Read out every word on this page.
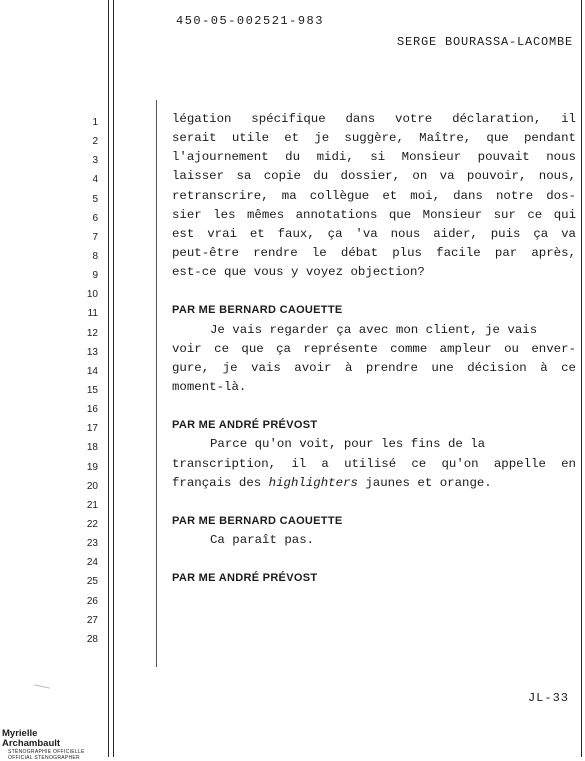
450-05-002521-983
SERGE BOURASSA-LACOMBE
1
2
3
4
5
6
7
8
9
10
11
12
13
14
15
16
17
18
19
20
21
22
23
24
25
26
27
28
légation spécifique dans votre déclaration, il
serait utile et je suggère, Maître, que pendant
l'ajournement du midi, si Monsieur pouvait nous
laisser sa copie du dossier, on va pouvoir, nous,
retranscrire, ma collègue et moi, dans notre dos-
sier les mêmes annotations que Monsieur sur ce qui
est vrai et faux, ça 'va nous aider, puis ça va
peut-être rendre le débat plus facile par après,
est-ce que vous y voyez objection?
PAR ME BERNARD CAOUETTE
Je vais regarder ça avec mon client, je vais
voir ce que ça représente comme ampleur ou enver-
gure, je vais avoir à prendre une décision à ce
moment-là.
PAR ME ANDRÉ PRÉVOST
Parce qu'on voit, pour les fins de la
transcription, il a utilisé ce qu'on appelle en
français des highlighters jaunes et orange.
PAR ME BERNARD CAOUETTE
Ca paraît pas.
PAR ME ANDRÉ PRÉVOST
JL-33
Myrielle Archambault
STÉNOGRAPHIE OFFICIELLE
OFFICIAL STENOGRAPHER
